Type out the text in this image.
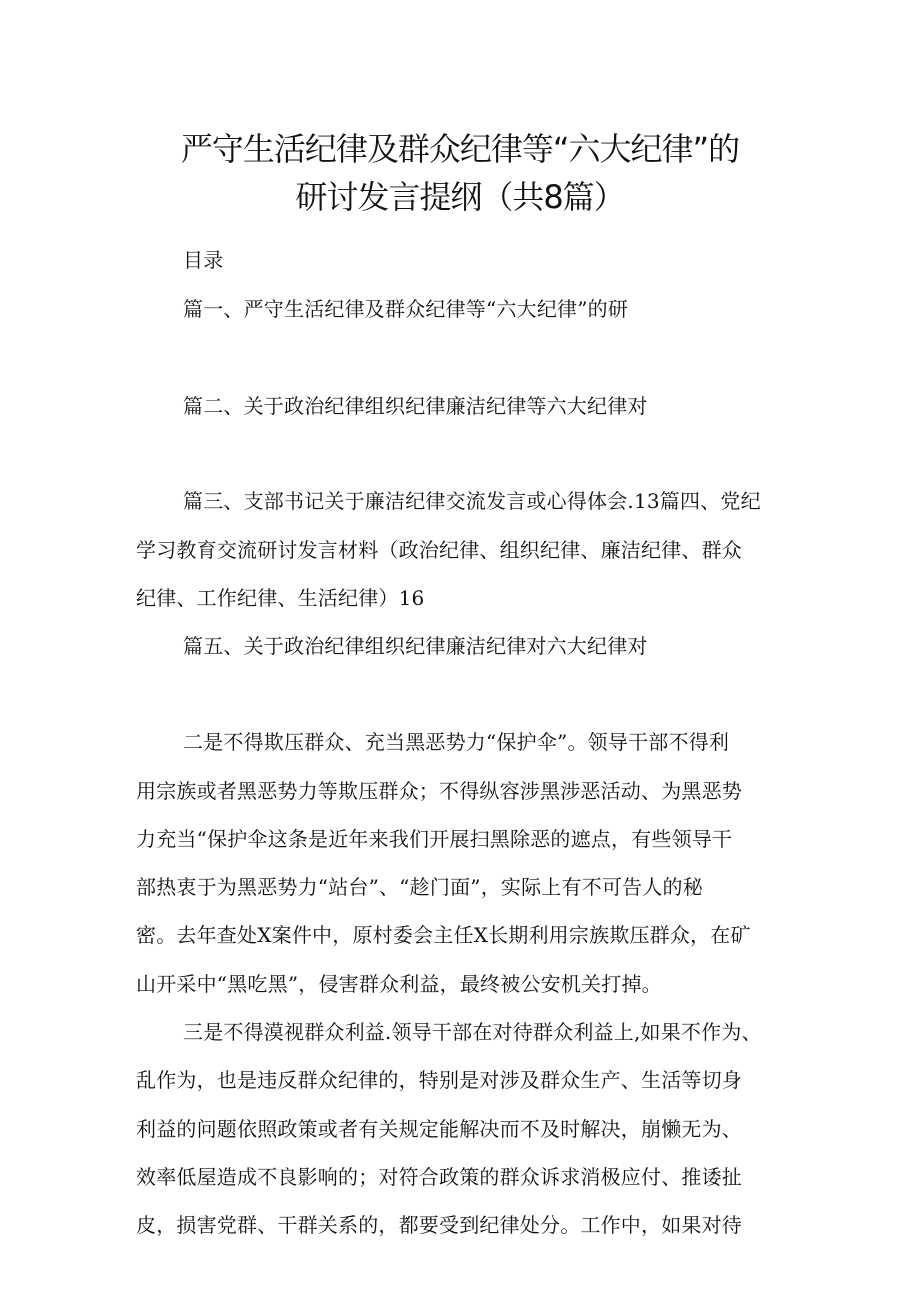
严守生活纪律及群众纪律等“六大纪律”的
研讨发言提纲（共8篇）
目录
篇一、严守生活纪律及群众纪律等“六大纪律”的研
篇二、关于政治纪律组织纪律廉洁纪律等六大纪律对
篇三、支部书记关于廉洁纪律交流发言或心得体会.13篇四、党纪
学习教育交流研讨发言材料（政治纪律、组织纪律、廉洁纪律、群众
纪律、工作纪律、生活纪律）16
篇五、关于政治纪律组织纪律廉洁纪律对六大纪律对
二是不得欺压群众、充当黑恶势力“保护伞”。领导干部不得利
用宗族或者黑恶势力等欺压群众；不得纵容涉黑涉恶活动、为黑恶势
力充当“保护伞这条是近年来我们开展扫黑除恶的遮点，有些领导干
部热衷于为黑恶势力“站台”、“趁门面”，实际上有不可告人的秘
密。去年查处X案件中，原村委会主任X长期利用宗族欺压群众，在矿
山开采中“黑吃黑”，侵害群众利益，最终被公安机关打掉。
三是不得漠视群众利益.领导干部在对待群众利益上,如果不作为、
乱作为，也是违反群众纪律的，特别是对涉及群众生产、生活等切身
利益的问题依照政策或者有关规定能解决而不及时解决，崩懒无为、
效率低屋造成不良影响的；对符合政策的群众诉求消极应付、推诿扯
皮，损害党群、干群关系的，都要受到纪律处分。工作中，如果对待
